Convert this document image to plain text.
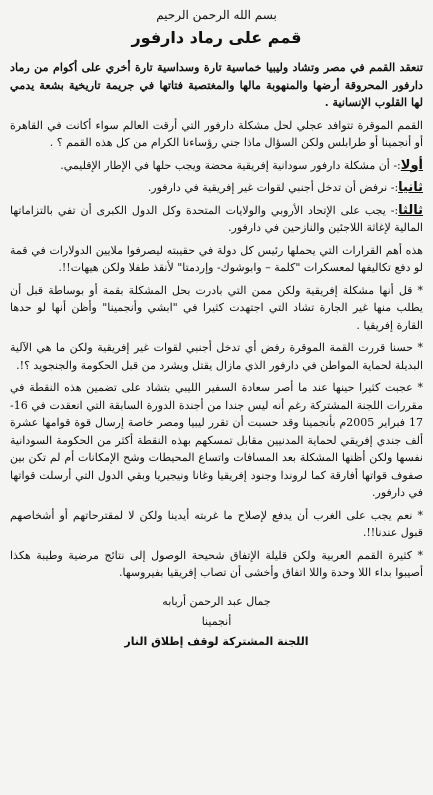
بسم الله الرحمن الرحيم
قمم على رماد دارفور

تنعقد القمم في مصر وتشاد وليبيا خماسية تارة وسداسية تارة أخري على أكوام من رماد دارفور المحروقة أرضها والمنهوبة مالها والمغتصبة فتاتها في جريمة تاريخية بشعة يدمي لها القلوب الإنسانية .

القمم الموقرة تتوافد عجلي لحل مشكلة دارفور التي أرقت العالم سواء أكانت في القاهرة أو أنجمينا أو طرابلس ولكن السؤال ماذا جني رؤساءنا الكرام من كل هذه القمم ؟ .

أولا:- أن مشكلة دارفور سودانية إفريقية محضة ويجب حلها في الإطار الإقليمي.

ثانيا:- نرفض أن تدخل أجنبي لقوات غير إفريقية في دارفور.

ثالثا:- يجب على الإتحاد الأروبي والولايات المتحدة وكل الدول الكبرى أن تفي بالتزاماتها المالية لإغاثة اللاجئين والنازحين في دارفور.

هذه أهم القرارات التي يحملها رئيس كل دولة في حقيبته ليصرفوا ملايين الدولارات في قمة لو دفع تكاليفها لمعسكرات "كلمة – وابوشوك- وإردمتا" لأنقذ طفلا ولكن هيهات!!.

* قل أنها مشكلة إفريقية ولكن ممن التي بادرت بحل المشكلة بقمة أو بوساطة قبل أن يطلب منها غير الجارة تشاد التي اجتهدت كثيرا في "ابشي وأنجمينا" وأظن أنها لو حدها القارة إفريقيا .

* حسنا قررت القمة الموقرة رفض أي تدخل أجنبي لقوات غير إفريقية ولكن ما هي الآلية البديلة لحماية المواطن في دارفور الذي مازال يقتل ويشرد من قبل الحكومة والجنجويد ؟!.

* عجبت كثيرا حينها عند ما أصر سعادة السفير الليبي بتشاد على تضمين هذه النقطة في مقررات اللجنة المشتركة رغم أنه ليس جندا من أجندة الدورة السابقة التي انعقدت في 16-17 فبراير 2005م بأنجمينا وقد حسبت أن تقرر ليبيا ومصر خاصة إرسال قوة قوامها عشرة ألف جندي إفريقي لحماية المدنيين مقابل تمسكهم بهذه النقطة أكثر من الحكومة السودانية نفسها ولكن أظنها المشكلة بعد المسافات واتساع المحيطات وشح الإمكانات أم لم تكن بين صفوف قواتها أفارقة كما لروندا وجنود إفريقيا وغانا ونيجيريا وبقي الدول التي أرسلت قواتها في دارفور.

* نعم يجب على الغرب أن يدفع لإصلاح ما غربته أيدينا ولكن لا لمقترحاتهم أو أشخاصهم قبول عندنا!!.

* كثيرة القمم العربية ولكن قليلة الإتفاق شحيحة الوصول إلى نتائج مرضية وطيبة هكذا أصيبوا بداء اللا وحدة واللا اتفاق وأخشى أن تصاب إفريقيا بفيروسها.

جمال عبد الرحمن أربابه

أنجمينا

اللجنة المشتركة لوقف إطلاق النار
